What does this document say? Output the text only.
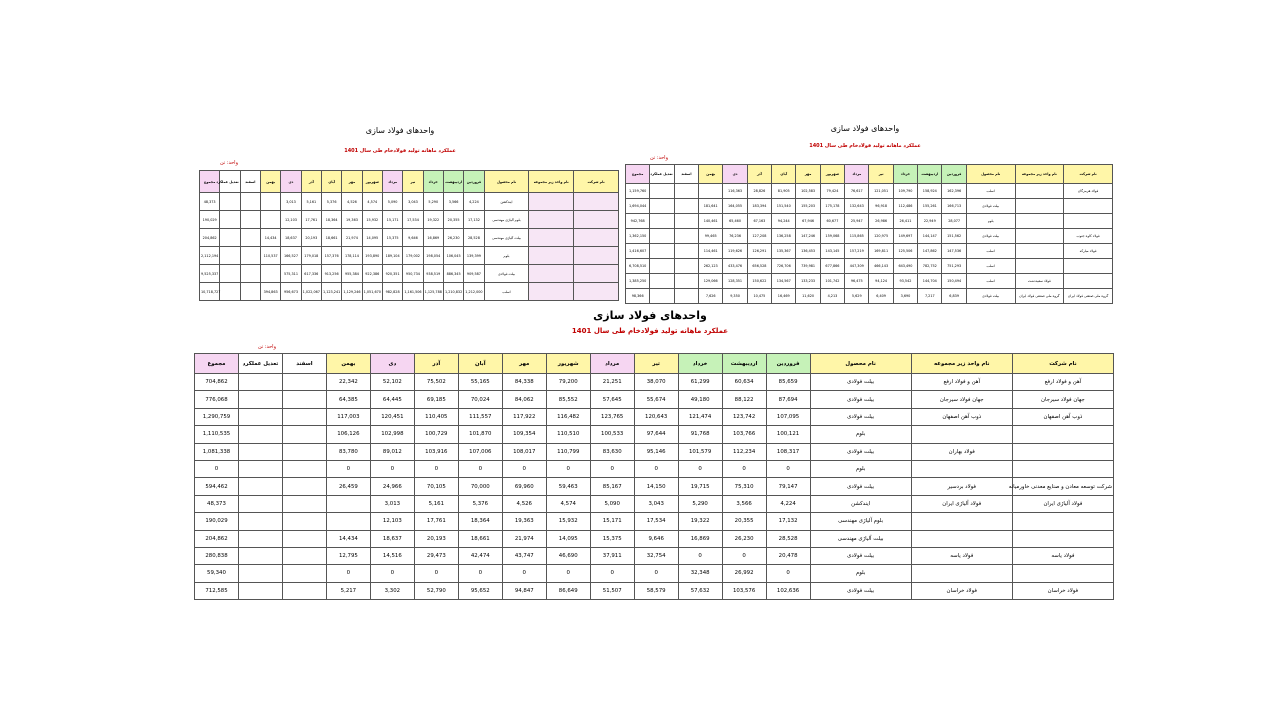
واحدهای فولاد سازی
عملکرد ماهانه تولید فولادخام طی سال 1401
واحد: تن
مجموع	تعدیل عملکرد	اسفند	بهمن	دی	آذر	آبان	مهر	شهریور	مرداد	تیر	خرداد	اردیبهشت	فروردین	نام محصول	نام واحد زیر مجموعه	نام شرکت
48,373				3,013	5,161	5,376	4,526	4,574	5,090	3,043	5,290	3,566	4,224	ایندکشن		
190,029				12,103	17,761	18,364	19,363	15,932	15,171	17,534	19,322	20,355	17,132	بلوم آلیاژی مهندسی		
204,862			14,434	18,637	20,193	18,661	21,974	14,095	15,375	9,646	16,869	26,230	28,528	بیلت آلیاژی مهندسی		
2,112,194			110,537	166,527	179,018	157,376	178,114	193,890	189,104	179,002	198,054	106,045	139,399	بلوم		
9,525,337				575,311	617,336	913,256	955,384	922,386	920,351	950,734	938,519	886,345	909,587	بیلت فولادی		
10,718,727			394,863	956,673	1,022,067	1,123,241	1,129,246	1,051,670	982,828	1,161,506	1,125,788	1,210,832	1,212,000	اسلب		
واحدهای فولاد سازی
عملکرد ماهانه تولید فولادخام طی سال 1401
واحد: تن
مجموع	تعدیل عملکرد	اسفند	بهمن	دی	آذر	آبان	مهر	شهریور	مرداد	تیر	خرداد	اردیبهشت	فروردین	نام محصول	نام واحد زیر مجموعه	نام شرکت
1,159,760				116,363	28,826	81,905	102,583	79,424	76,617	121,051	109,790	158,924	162,396	اسلب		فولاد هرمزگان
1,694,044			181,641	164,055	183,394	151,540	155,203	175,178	132,643	96,918	112,486	155,261	166,713	بیلت فولادی		
942,768			140,461	65,460	67,163	94,244	67,946	60,677	25,947	26,986	26,411	22,949	28,077	بلوم		
1,362,150			99,465	76,236	127,208	136,258	147,246	159,068	115,865	120,975	149,697	144,147	151,562	بیلت فولادی		فولاد کاوه جنوب
1,416,607			114,461	119,626	126,291	135,367	136,453	143,145	157,219	169,811	125,506	147,862	147,536	اسلب		فولاد مبارکه
6,708,510			262,123	433,476	656,528	726,706	739,981	677,866	447,309	466,143	643,490	782,752	751,293	اسلب		
1,385,250			129,066	128,351	150,622	134,567	133,233	101,742	96,475	94,124	93,542	144,704	150,494	اسلب	فولاد سفیددشت	
98,366			7,626	9,350	10,475	16,469	11,620	4,213	5,629	6,409	3,690	7,217	6,839	بیلت فولادی	گروه ملی صنعتی فولاد ایران	گروه ملی صنعتی فولاد ایران
واحدهای فولاد سازی
عملکرد ماهانه تولید فولادخام طی سال 1401
واحد: تن
مجموع	تعدیل عملکرد	اسفند	بهمن	دی	آذر	آبان	مهر	شهریور	مرداد	تیر	خرداد	اردیبهشت	فروردین	نام محصول	نام واحد زیر مجموعه	نام شرکت
704,862			22,342	52,102	75,502	55,165	84,338	79,200	21,251	38,070	61,299	60,634	85,659	بیلت فولادی	آهن و فولاد ارفع	آهن و فولاد ارفع
776,068			64,385	64,445	69,185	70,024	84,062	85,552	57,645	55,674	49,180	88,122	87,694	بیلت فولادی	جهان فولاد سیرجان	جهان فولاد سیرجان
1,290,759			117,003	120,451	110,405	111,557	117,922	116,482	123,765	120,643	121,474	123,742	107,095	بیلت فولادی	ذوب آهن اصفهان	ذوب آهن اصفهان
1,110,535			106,126	102,998	100,729	101,870	109,354	110,510	100,533	97,644	91,768	103,766	100,121	بلوم		
1,081,338			83,780	89,012	103,916	107,006	108,017	110,799	83,630	95,146	101,579	112,234	108,317	بیلت فولادی	فولاد بهاران	
0			0	0	0	0	0	0	0	0	0	0	0	بلوم		
594,462			26,459	24,966	70,105	70,000	69,960	59,463	85,167	14,150	19,715	75,310	79,147	بیلت فولادی	فولاد بردسیر	شرکت توسعه معادن و صنایع معدنی خاورمیانه
48,373				3,013	5,161	5,376	4,526	4,574	5,090	3,043	5,290	3,566	4,224	ایندکشن	فولاد آلیاژی ایران	فولاد آلیاژی ایران
190,029				12,103	17,761	18,364	19,363	15,932	15,171	17,534	19,322	20,355	17,132	بلوم آلیاژی مهندسی		
204,862			14,434	18,637	20,193	18,661	21,974	14,095	15,375	9,646	16,869	26,230	28,528	بیلت آلیاژی مهندسی		
280,838			12,795	14,516	29,473	42,474	43,747	46,690	37,911	32,754	0	0	20,478	بیلت فولادی	فولاد یاسه	فولاد یاسه
59,340			0	0	0	0	0	0	0	0	32,348	26,992	0	بلوم		
712,585			5,217	3,302	52,790	95,652	94,847	86,649	51,507	58,579	57,632	103,576	102,636	بیلت فولادی	فولاد خراسان	فولاد خراسان
